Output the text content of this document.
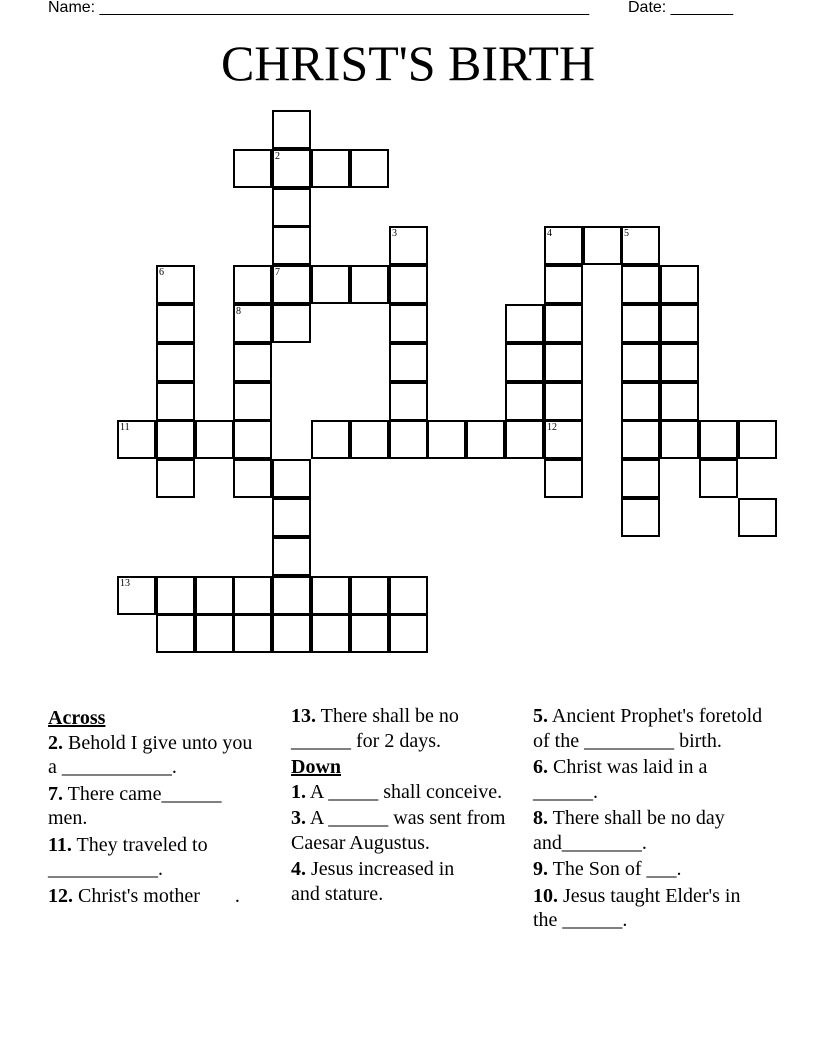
Name: _______________________________________________________ Date: _______
CHRIST'S BIRTH
2
7
3
6
8
4
12
11
13
5
Across
2. Behold I give unto you a ___________.
7. There came______ men.
11. They traveled to ___________.
12. Christ's mother       .
13. There shall be no ______ for 2 days.
Down
1. A _____ shall conceive.
3. A ______ was sent from Caesar Augustus.
4. Jesus increased in            and stature.
5. Ancient Prophet's foretold of the _________ birth.
6. Christ was laid in a ______.
8. There shall be no day and________.
9. The Son of ___.
10. Jesus taught Elder's in the ______.
